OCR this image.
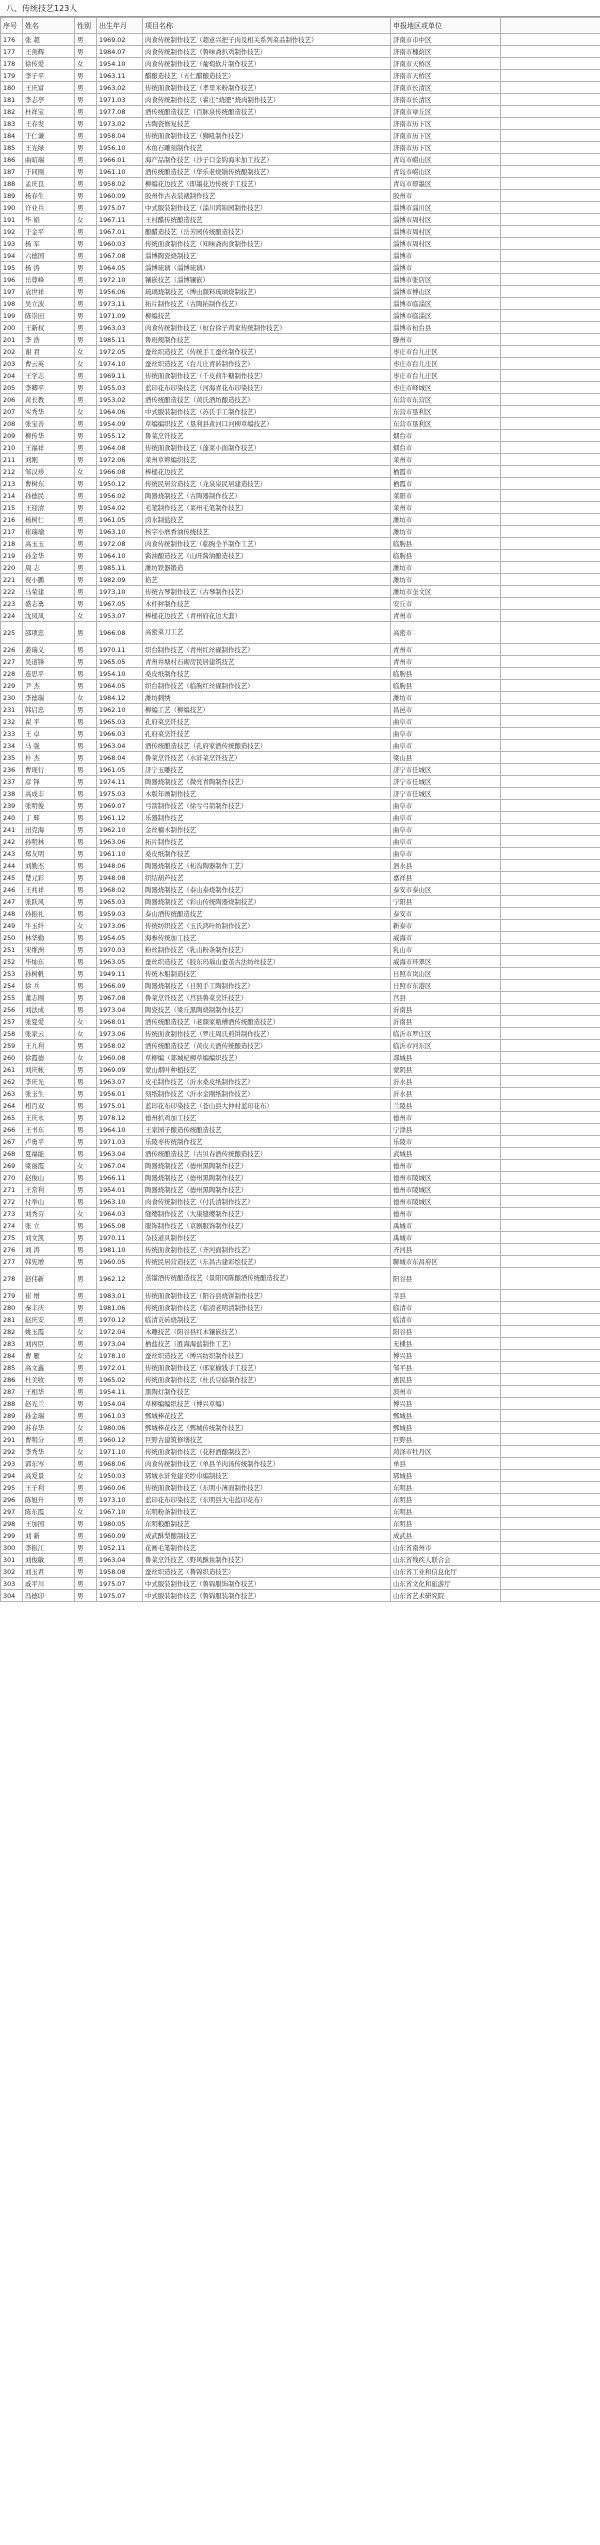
八、传统技艺123人
序号	姓名	性别	出生年月	项目名称	申报地区或单位	
176	张 超	男	1969.02	肉食传统制作技艺（超意兴把子肉及相关系列菜品制作技艺）	济南市市中区	
177	王剑辉	男	1984.07	肉食传统制作技艺（鲁味斋扒鸡制作技艺）	济南市槐荫区	
178	徐传爱	女	1954.10	肉食传统制作技艺（葡萄软片制作技艺）	济南市天桥区	
179	李子平	男	1963.11	醋酿造技艺（五仁醋酿造技艺）	济南市天桥区	
180	王庆富	男	1963.02	传统面食制作技艺（孝里米粉制作技艺）	济南市长清区	
181	李志亭	男	1971.03	肉食传统制作技艺（翟庄“烧肥”烧肉制作技艺）	济南市长清区	
182	杜祥宝	男	1977.08	酒传统酿造技艺（百脉泉传统酿造技艺）	济南市章丘区	
183	王春发	男	1973.02	古陶瓷修复技艺	济南市历下区	
184	于仁谦	男	1958.04	传统面食制作技艺（狮吼制作技艺）	济南市历下区	
185	王光绿	男	1956.10	木鱼石雕刻制作技艺	济南市历下区	
186	曲昭瑞	男	1966.01	海产品制作技艺（沙子口金钩海米加工技艺）	青岛市崂山区	
187	于同刚	男	1961.10	酒传统酿造技艺（华乐老烧锅传统酿制技艺）	青岛市崂山区	
188	孟庆良	男	1958.02	柳编花边技艺（即墨花边传统手工技艺）	青岛市即墨区	
189	杨春生	男	1960.09	胶州作古表装裱制作技艺	胶州市	
190	许业兵	男	1975.07	中式服装制作技艺（淄川鸿锦园制作技艺）	淄博市淄川区	
191	毕 娟	女	1967.11	王村醋传统酿造技艺	淄博市周村区	
192	于金平	男	1967.01	酿醋造技艺（岳芳园传统酿造技艺）	淄博市周村区	
193	杨 军	男	1960.03	传统面食制作技艺（知味斋肉食制作技艺）	淄博市周村区	
194	六德国	男	1967.08	淄博陶瓷烧制技艺	淄博市	
195	杨 涛	男	1964.05	淄博琉璃（淄博琉璃）	淄博市	
196	岳尊峰	男	1972.10	镶嵌技艺（淄博镶嵌）	淄博市张店区	
197	袁世祥	男	1956.06	琉璃烧制技艺（博山颜料琉璃烧制技艺）	淄博市博山区	
198	吴立波	男	1973.11	拓片制作技艺（古陶拓制作技艺）	淄博市临淄区	
199	陈崇田	男	1971.09	柳编技艺	淄博市临淄区	
200	王新权	男	1963.03	肉食传统制作技艺（桓台徐子鸡家传统制作技艺）	淄博市桓台县	
201	李 浩	男	1985.11	鲁班规制作技艺	滕州市	
202	谢 君	女	1972.05	蚕丝织造技艺（传统手工蚕丝制作技艺）	枣庄市台儿庄区	
203	曹云英	女	1974.10	蚕丝织造技艺（台儿庄青砖制作技艺）	枣庄市台儿庄区	
204	王学志	男	1969.11	传统面食制作技艺（千皮荷牛糖制作技艺）	枣庄市台儿庄区	
205	李卿平	男	1955.03	蓝印花布印染技艺（河海青花布印染技艺）	枣庄市峄城区	
206	黄长教	男	1953.02	酒传统酿造技艺（黄氏酒坊酿造技艺）	东营市东营区	
207	实秀华	女	1964.06	中式服装制作技艺（苏氏手工制作技艺）	东营市垦利区	
208	张宝善	男	1954.09	草编编织技艺（垦利县黄河口河柳草编技艺）	东营市垦利区	
209	柳传华	男	1955.12	鲁菜烹饪技艺	烟台市	
210	王福祥	男	1964.08	传统面食制作技艺（蓬莱小面制作技艺）	烟台市	
211	刘刚	男	1972.06	莱州草辫编织技艺	莱州市	
212	邹汉珍	女	1966.08	棒槌花边技艺	栖霞市	
213	曹树东	男	1950.12	传统民居营造技艺（龙泉泉民居建造技艺）	栖霞市	
214	孙德民	男	1956.02	陶器烧制技艺（古陶器制作技艺）	莱阳市	
215	王迎清	男	1954.02	毛笔制作技艺（莱州毛笔制作技艺）	莱州市	
216	杨树仁	男	1961.05	卤水制盐技艺	潍坊市	
217	崔瑞瑜	男	1963.10	核字小磨香油传统技艺	潍坊市	
218	高玉玉	男	1972.08	肉食传统制作技艺（临朐全羊制作工艺）	临朐县	
219	孙金华	男	1964.10	酱油酿造技艺（山旺酱油酿造技艺）	临朐县	
220	周 志	男	1985.11	潍坊铁器锻造	潍坊市	
221	祝小鹏	男	1982.09	掐艺	潍坊市	
222	马荣建	男	1973.10	传统古琴制作技艺（古琴制作技艺）	潍坊市奎文区	
223	盛志勇	男	1967.05	木杆秤制作技艺	安丘市	
224	沈凤凤	女	1953.07	棒槌花边技艺（青州府花边大套）	青州市	
225	邵项忠	男	1966.08	高密菜刀工艺	高密市	
226	姜瑞义	男	1970.11	织台制作技艺（青州红丝砚制作技艺）	青州市	
227	吴道锋	男	1965.05	青州井塘村石砌房民居建筑技艺	青州市	
228	连思平	男	1954.10	桑皮纸制作技艺	临朐县	
229	尹 杰	男	1964.05	织台制作技艺（临朐红丝砚制作技艺）	临朐县	
230	李德瑞	女	1984.12	潍坊刺绣	潍坊市	
231	韩启忠	男	1962.10	柳编工艺（柳编技艺）	昌邑市	
232	翟 平	男	1965.03	孔府菜烹饪技艺	曲阜市	
233	王 卓	男	1966.03	孔府菜烹饪技艺	曲阜市	
234	马 强	男	1963.04	酒传统酿造技艺（孔府家酒传统酿造技艺）	曲阜市	
235	朴 杰	男	1968.04	鲁菜烹饪技艺（水浒菜烹饪技艺）	梁山县	
236	曹现行	男	1961.05	济宁玉雕技艺	济宁市任城区	
237	彦 锋	男	1974.11	陶器烧制技艺（微亮青陶制作技艺）	济宁市任城区	
238	高成丰	男	1975.03	木版年画制作技艺	济宁市任城区	
239	张明俊	男	1969.07	弓箭制作技艺（徐亏弓箭制作技艺）	曲阜市	
240	丁 辉	男	1961.12	乐器制作技艺	曲阜市	
241	田克海	男	1962.10	金丝楠木制作技艺	曲阜市	
242	孙明林	男	1963.06	拓片制作技艺	曲阜市	
243	郑友明	男	1961.10	桑皮纸制作技艺	曲阜市	
244	刘勤杰	男	1948.06	陶器烧制技艺（柘沟陶器制作工艺）	泗水县	
245	楚元彩	男	1948.08	织结葫芦技艺	嘉祥县	
246	王兆祥	男	1968.02	陶器烧制技艺（泰山泰烧制作技艺）	泰安市泰山区	
247	张跃风	男	1965.03	陶器烧制技艺（彩山传统陶器烧制技艺）	宁阳县	
248	孙振礼	男	1959.03	泰山酒传统酿造技艺	泰安市	
249	牛玉纤	女	1973.06	传统纺织技艺（玉氏鸿叶纺制作技艺）	新泰市	
250	林华勤	男	1954.05	海参传统加工技艺	威海市	
251	宋维洲	男	1970.03	粉丝制作技艺（乳山粉条制作技艺）	乳山市	
252	毕灿东	男	1963.05	蚕丝织造技艺（胶东玛瑙山蚕茧古法纺丝技艺）	威海市环翠区	
253	孙树帆	男	1949.11	传统木船制造技艺	日照市岚山区	
254	徐 兵	男	1966.09	陶器烧制技艺（日照手工陶制作技艺）	日照市东港区	
255	董志刚	男	1967.08	鲁菜烹饪技艺（莒县鲁菜烹饪技艺）	莒县	
256	刘法成	男	1973.04	陶瓷技艺（梁丘黑陶烧制制作技艺）	沂南县	
257	张夏爱	女	1968.01	酒传统酿造技艺（老颜家瓶槽酒传统酿造技艺）	沂南县	
258	张家云	女	1973.06	传统面食制作技艺（罗庄周氏煎饼制作技艺）	临沂市罗庄区	
259	王九利	男	1958.02	酒传统酿造技艺（黄皮天酒传统酿造技艺）	临沂市河东区	
260	徐霞德	女	1960.08	草柳编（郯城杞柳草编编织技艺）	郯城县	
261	刘庆帐	男	1969.09	蒙山烟叶种植技艺	蒙阴县	
262	李庆光	男	1963.07	皮毛制作技艺（沂水桑皮纸制作技艺）	沂水县	
263	张玉生	男	1956.01	刻纸制作技艺（沂水金刚纸制作技艺）	沂水县	
264	相百双	男	1975.01	蓝印花布印染技艺（苍山县大仲村蓝印花布）	兰陵县	
265	王庆永	男	1978.12	德州扒鸡加工技艺	德州市	
266	王书东	男	1964.10	王家园子酿造传统酿造技艺	宁津县	
267	卢勇平	男	1971.03	乐陵枣传统制作技艺	乐陵市	
268	夏福能	男	1963.04	酒传统酿造技艺（古贝春酒传统酿造技艺）	武城县	
269	梁丽霞	女	1967.04	陶器烧制技艺（德州黑陶制作技艺）	德州市	
270	赵俊山	男	1966.11	陶器烧制技艺（德州黑陶制作技艺）	德州市陵城区	
271	王常利	男	1954.01	陶器烧制技艺（德州黑陶制作技艺）	德州市陵城区	
272	付举山	男	1963.10	肉食传统制作技艺（付氏清制作技艺）	德州市陵城区	
273	刘秀芬	女	1964.03	缝缨制作技艺（大康缝缨制作技艺）	德州市	
274	张 立	男	1965.08	服饰制作技艺（京剧服饰制作技艺）	禹城市	
275	刘文凯	男	1970.11	杂技道具制作技艺	禹城市	
276	刘 涛	男	1981.10	传统面食制作技艺（齐河面制作技艺）	齐河县	
277	韩宪增	男	1960.05	传统民居营造技艺（东昌古建彩绘技艺）	聊城市东昌府区	
278	赵伟新	男	1962.12	蒸馏酒传统酿造技艺（景阳冈陈酿酒传统酿造技艺）	阳谷县	
279	崔 增	男	1983.01	传统面食制作技艺（阳谷县烧饼制作技艺）	莘县	
280	秦丰庆	男	1981.06	传统面食制作技艺（临清老明清制作技艺）	临清市	
281	赵庆安	男	1970.12	临清贡砖烧制技艺	临清市	
282	姚玉霞	女	1972.04	木雕技艺（阳谷县红木镶嵌技艺）	阳谷县	
283	刘丙臣	男	1973.04	栖盐技艺（胜海海盐制作工艺）	无棣县	
284	曹 雁	女	1978.10	蚕丝织造技艺（博兴纺织制作技艺）	博兴县	
285	高文鑫	男	1972.01	传统面食制作技艺（邢家榆钱手工技艺）	邹平县	
286	杜美收	男	1965.02	传统面食制作技艺（杜氏豆腐制作技艺）	惠民县	
287	王相华	男	1954.11	黑陶灯制作技艺	滨州市	
288	赵光兰	男	1954.04	草柳编编织技艺（博兴草编）	博兴县	
289	孙金瑞	男	1961.03	鄄城棒花技艺	鄄城县	
290	苏春华	女	1980.06	鄄城棒花技艺（鄄城传统制作技艺）	鄄城县	
291	曹明分	男	1960.12	巨野古建筑修缮技艺	巨野县	
292	李秀华	女	1971.10	传统面食制作技艺（花籽酒酿制技艺）	菏泽市牡丹区	
293	郭东岑	男	1968.06	肉食传统制作技艺（单县羊肉汤传统制作技艺）	单县	
294	高爱景	女	1950.03	郓城水浒党建美纱巾编制技艺	郓城县	
295	王子利	男	1960.06	传统面食制作技艺（东明小薄面制作技艺）	东明县	
296	陈旭升	男	1973.10	蓝印花布印染技艺（东明县大屯蓝印花布）	东明县	
297	陈东霞	女	1967.10	东明粉条制作技艺	东明县	
298	王加国	男	1980.05	东明粮酿制技艺	东明县	
299	刘 新	男	1960.09	成武酥梨酿制技艺	成武县	
300	李振江	男	1952.11	花画毛笔制作技艺	山东省南州市	
301	刘俊敏	男	1963.04	鲁菜烹饪技艺（野风酥鱼制作技艺）	山东省残疾人联合会	
302	刘玉君	男	1958.08	蚕丝织造技艺（鲁锦织造技艺）	山东省工业和信息化厅	
303	戚平川	男	1975.07	中式服装制作技艺（鲁锦服饰制作技艺）	山东省文化和旅游厅	
304	冯德印	男	1975.07	中式服装制作技艺（鲁锦服装制作技艺）	山东省艺术研究院	
